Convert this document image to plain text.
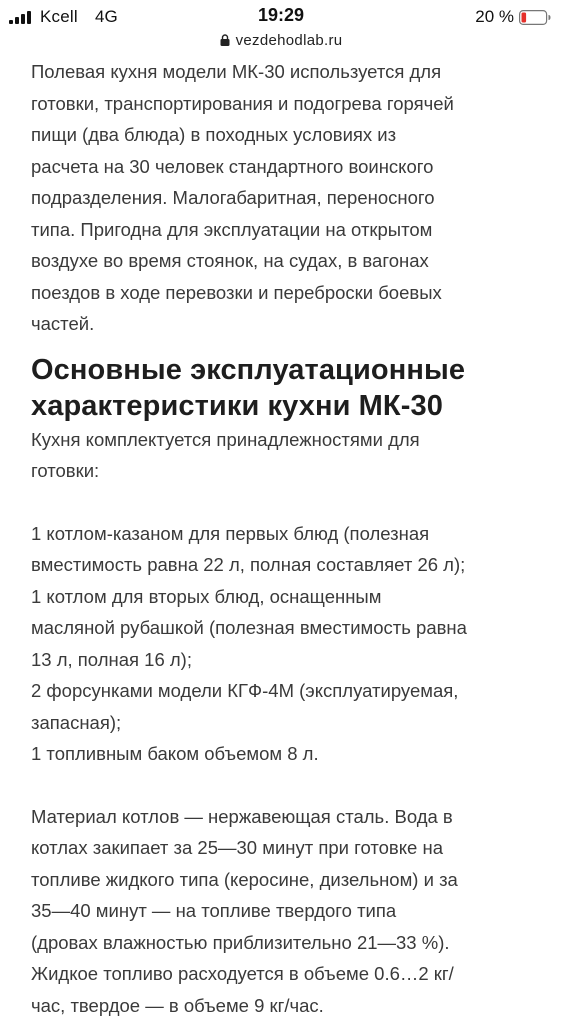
Kcell 4G	19:29	20 %
vezdehodlab.ru

Полевая кухня модели МК-30 используется для
готовки, транспортирования и подогрева горячей
пищи (два блюда) в походных условиях из
расчета на 30 человек стандартного воинского
подразделения. Малогабаритная, переносного
типа. Пригодна для эксплуатации на открытом
воздухе во время стоянок, на судах, в вагонах
поездов в ходе перевозки и переброски боевых
частей.

Основные эксплуатационные характеристики кухни МК-30

Кухня комплектуется принадлежностями для
готовки:

1 котлом-казаном для первых блюд (полезная
вместимость равна 22 л, полная составляет 26 л);
1 котлом для вторых блюд, оснащенным
масляной рубашкой (полезная вместимость равна
13 л, полная 16 л);
2 форсунками модели КГФ-4М (эксплуатируемая,
запасная);
1 топливным баком объемом 8 л.

Материал котлов — нержавеющая сталь. Вода в
котлах закипает за 25—30 минут при готовке на
топливе жидкого типа (керосине, дизельном) и за
35—40 минут — на топливе твердого типа
(дровах влажностью приблизительно 21—33 %).
Жидкое топливо расходуется в объеме 0.6…2 кг/
час, твердое — в объеме 9 кг/час.
